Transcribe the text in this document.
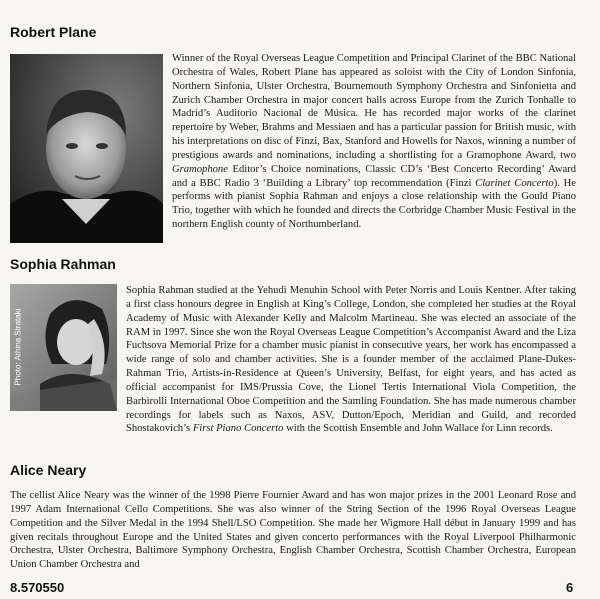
Robert Plane

Winner of the Royal Overseas League Competition and Principal Clarinet of the BBC National Orchestra of Wales, Robert Plane has appeared as soloist with the City of London Sinfonia, Northern Sinfonia, Ulster Orchestra, Bournemouth Symphony Orchestra and Sinfonietta and Zurich Chamber Orchestra in major concert halls across Europe from the Zurich Tonhalle to Madrid’s Auditorio Nacional de Música. He has recorded major works of the clarinet repertoire by Weber, Brahms and Messiaen and has a particular passion for British music, with his interpretations on disc of Finzi, Bax, Stanford and Howells for Naxos, winning a number of prestigious awards and nominations, including a shortlisting for a Gramophone Award, two Gramophone Editor’s Choice nominations, Classic CD’s ‘Best Concerto Recording’ Award and a BBC Radio 3 ‘Building a Library’ top recommendation (Finzi Clarinet Concerto). He performs with pianist Sophia Rahman and enjoys a close relationship with the Gould Piano Trio, together with which he founded and directs the Corbridge Chamber Music Festival in the northern English county of Northumberland.

Sophia Rahman
Photo: Athina Strataki

Sophia Rahman studied at the Yehudi Menuhin School with Peter Norris and Louis Kentner. After taking a first class honours degree in English at King’s College, London, she completed her studies at the Royal Academy of Music with Alexander Kelly and Malcolm Martineau. She was elected an associate of the RAM in 1997. Since she won the Royal Overseas League Competition’s Accompanist Award and the Liza Fuchsova Memorial Prize for a chamber music pianist in consecutive years, her work has encompassed a wide range of solo and chamber activities. She is a founder member of the acclaimed Plane-Dukes-Rahman Trio, Artists-in-Residence at Queen’s University, Belfast, for eight years, and has acted as official accompanist for IMS/Prussia Cove, the Lionel Tertis International Viola Competition, the Barbirolli International Oboe Competition and the Samling Foundation. She has made numerous chamber recordings for labels such as Naxos, ASV, Dutton/Epoch, Meridian and Guild, and recorded Shostakovich’s First Piano Concerto with the Scottish Ensemble and John Wallace for Linn records.

Alice Neary

The cellist Alice Neary was the winner of the 1998 Pierre Fournier Award and has won major prizes in the 2001 Leonard Rose and 1997 Adam International Cello Competitions. She was also winner of the String Section of the 1996 Royal Overseas League Competition and the Silver Medal in the 1994 Shell/LSO Competition. She made her Wigmore Hall début in January 1999 and has given recitals throughout Europe and the United States and given concerto performances with the Royal Liverpool Philharmonic Orchestra, Ulster Orchestra, Baltimore Symphony Orchestra, English Chamber Orchestra, Scottish Chamber Orchestra, European Union Chamber Orchestra and

8.570550	6
